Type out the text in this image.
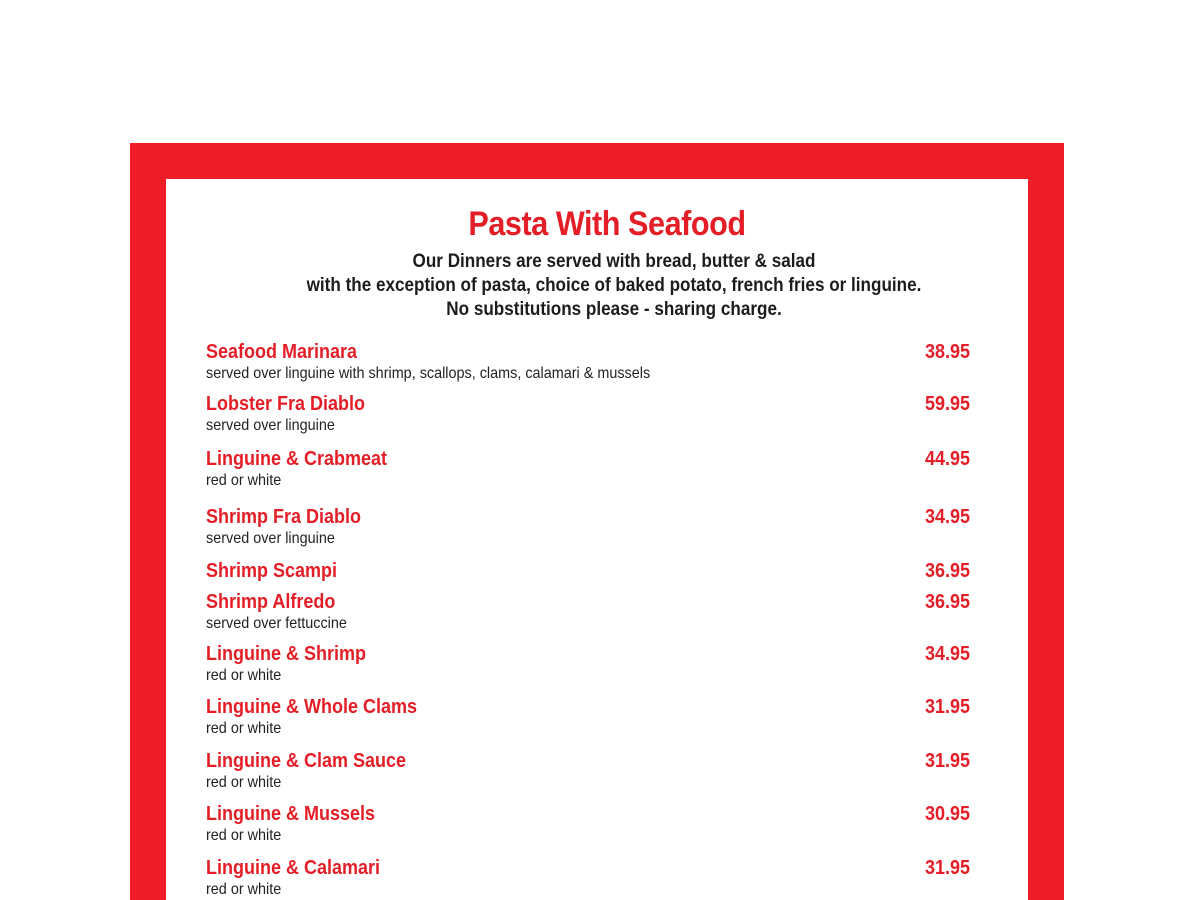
Pasta With Seafood
Our Dinners are served with bread, butter & salad
with the exception of pasta, choice of baked potato, french fries or linguine.
No substitutions please - sharing charge.
Seafood Marinara	38.95
served over linguine with shrimp, scallops, clams, calamari & mussels
Lobster Fra Diablo	59.95
served over linguine
Linguine & Crabmeat	44.95
red or white
Shrimp Fra Diablo	34.95
served over linguine
Shrimp Scampi	36.95
Shrimp Alfredo	36.95
served over fettuccine
Linguine & Shrimp	34.95
red or white
Linguine & Whole Clams	31.95
red or white
Linguine & Clam Sauce	31.95
red or white
Linguine & Mussels	30.95
red or white
Linguine & Calamari	31.95
red or white
